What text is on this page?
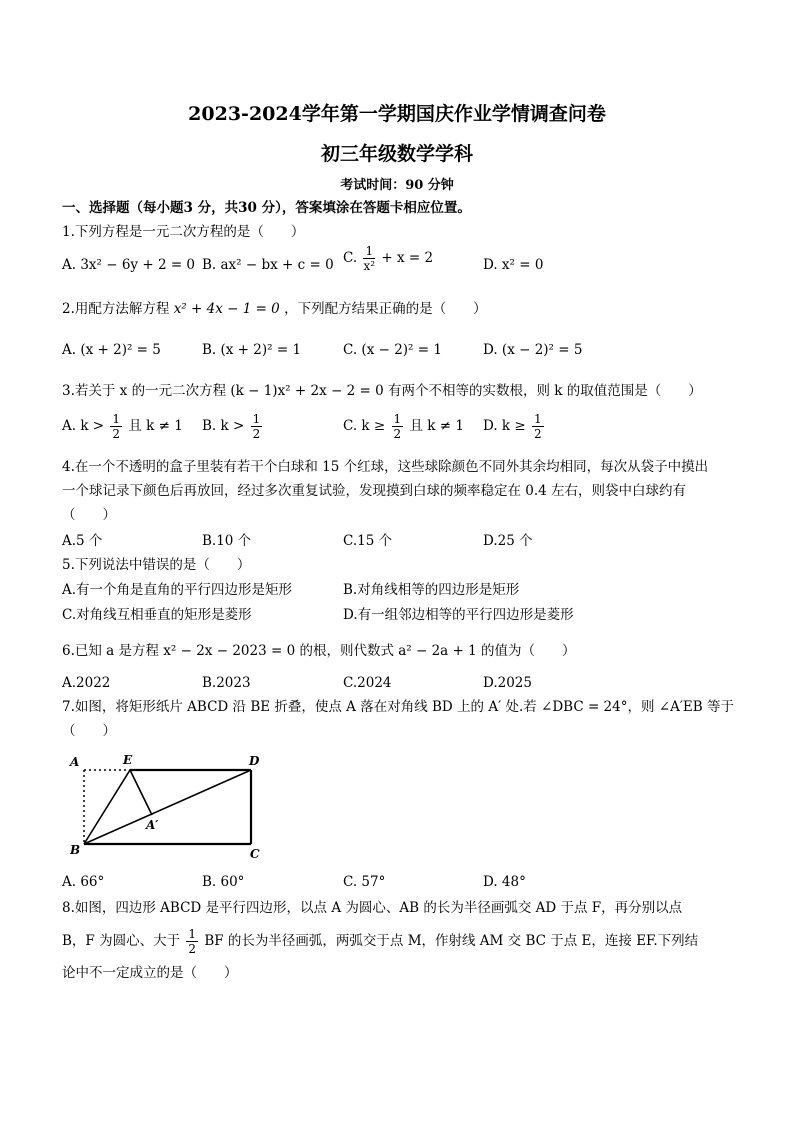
2023-2024学年第一学期国庆作业学情调查问卷
初三年级数学学科
考试时间：90 分钟
一、选择题（每小题3 分，共30 分），答案填涂在答题卡相应位置。
1.下列方程是一元二次方程的是（　　）
A. 3x² − 6y + 2 = 0 B. ax² − bx + c = 0 C. $\frac{1}{\text{x²}} + x = 2$	D. x² = 0
2.用配方法解方程 x² + 4x − 1 = 0 ，下列配方结果正确的是（　　）
A. (x + 2)² = 5	B. (x + 2)² = 1	C. (x − 2)² = 1	D. (x − 2)² = 5
3.若关于 x 的一元二次方程 (k − 1)x² + 2x − 2 = 0 有两个不相等的实数根，则 k 的取值范围是（　　）
A. $k > \frac{1}{2}$ 且 k ≠ 1 B. $k > \frac{1}{2}$	C. $k \ge \frac{1}{2}$ 且 k ≠ 1 D. $k \ge \frac{1}{2}$
4.在一个不透明的盒子里装有若干个白球和 15 个红球，这些球除颜色不同外其余均相同，每次从袋子中摸出
一个球记录下颜色后再放回，经过多次重复试验，发现摸到白球的频率稳定在 0.4 左右，则袋中白球约有
（　　）
A.5 个	B.10 个	C.15 个	D.25 个
5.下列说法中错误的是（　　）
A.有一个角是直角的平行四边形是矩形	B.对角线相等的四边形是矩形
C.对角线互相垂直的矩形是菱形	D.有一组邻边相等的平行四边形是菱形
6.已知 a 是方程 x² − 2x − 2023 = 0 的根，则代数式 a² − 2a + 1 的值为（　　）
A.2022	B.2023	C.2024	D.2025
7.如图，将矩形纸片 ABCD 沿 BE 折叠，使点 A 落在对角线 BD 上的 A′ 处.若 ∠DBC = 24°，则 ∠A′EB 等于
（　　）
A	E	D
A′
B	C
A. 66°	B. 60°	C. 57°	D. 48°
8.如图，四边形 ABCD 是平行四边形，以点 A 为圆心、AB 的长为半径画弧交 AD 于点 F，再分别以点
B，F 为圆心、大于 $\frac{1}{2}$ BF 的长为半径画弧，两弧交于点 M，作射线 AM 交 BC 于点 E，连接 EF.下列结
论中不一定成立的是（　　）
